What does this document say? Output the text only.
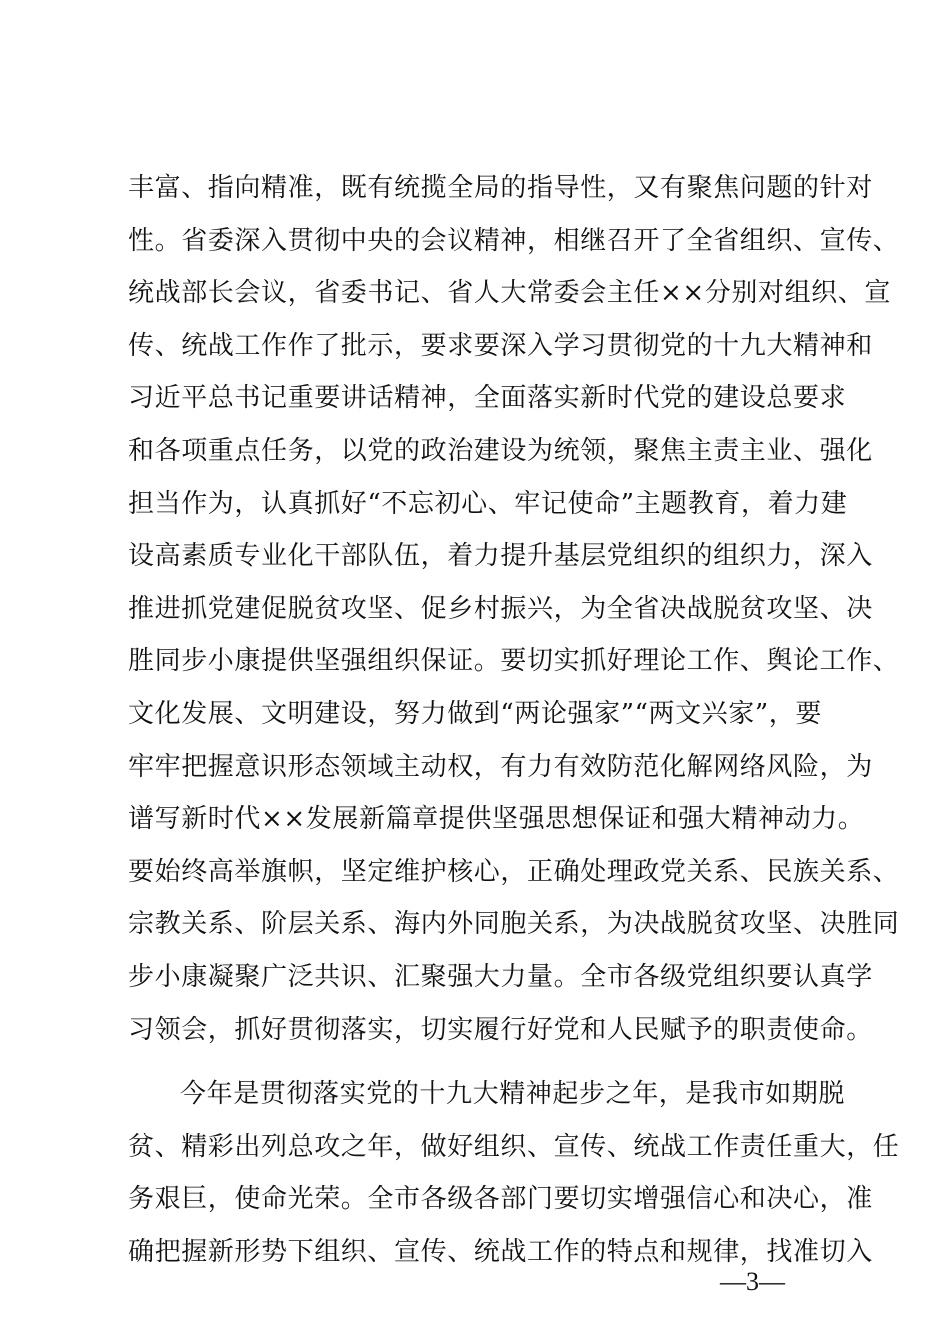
丰富、指向精准，既有统揽全局的指导性，又有聚焦问题的针对
性。省委深入贯彻中央的会议精神，相继召开了全省组织、宣传、
统战部长会议，省委书记、省人大常委会主任××分别对组织、宣
传、统战工作作了批示，要求要深入学习贯彻党的十九大精神和
习近平总书记重要讲话精神，全面落实新时代党的建设总要求
和各项重点任务，以党的政治建设为统领，聚焦主责主业、强化
担当作为，认真抓好“不忘初心、牢记使命”主题教育，着力建
设高素质专业化干部队伍，着力提升基层党组织的组织力，深入
推进抓党建促脱贫攻坚、促乡村振兴，为全省决战脱贫攻坚、决
胜同步小康提供坚强组织保证。要切实抓好理论工作、舆论工作、
文化发展、文明建设，努力做到“两论强家”“两文兴家”，要
牢牢把握意识形态领域主动权，有力有效防范化解网络风险，为
谱写新时代××发展新篇章提供坚强思想保证和强大精神动力。
要始终高举旗帜，坚定维护核心，正确处理政党关系、民族关系、
宗教关系、阶层关系、海内外同胞关系，为决战脱贫攻坚、决胜同
步小康凝聚广泛共识、汇聚强大力量。全市各级党组织要认真学
习领会，抓好贯彻落实，切实履行好党和人民赋予的职责使命。
今年是贯彻落实党的十九大精神起步之年，是我市如期脱
贫、精彩出列总攻之年，做好组织、宣传、统战工作责任重大，任
务艰巨，使命光荣。全市各级各部门要切实增强信心和决心，准
确把握新形势下组织、宣传、统战工作的特点和规律，找准切入
—3—
